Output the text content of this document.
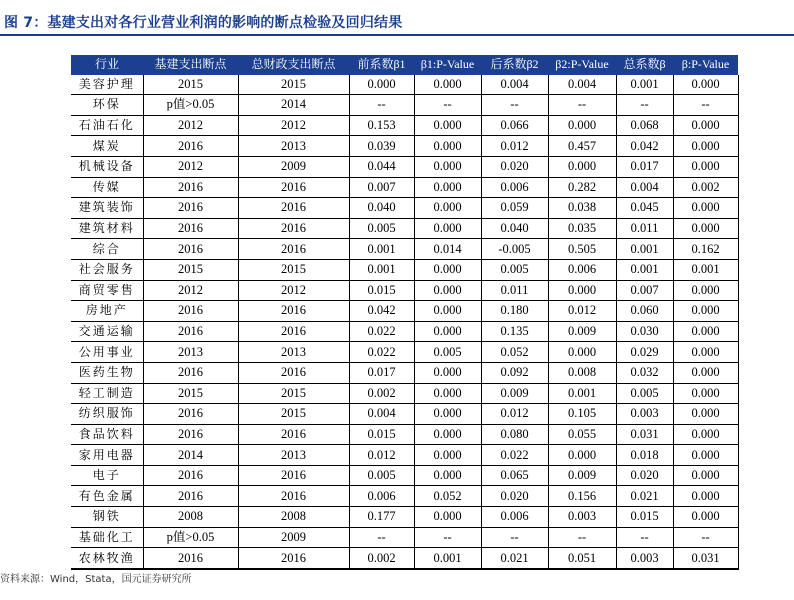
图 7：基建支出对各行业营业利润的影响的断点检验及回归结果
行业	基建支出断点	总财政支出断点	前系数β1	β1:P-Value	后系数β2	β2:P-Value	总系数β	β:P-Value
美容护理	2015	2015	0.000	0.000	0.004	0.004	0.001	0.000
环保	p值>0.05	2014	--	--	--	--	--	--
石油石化	2012	2012	0.153	0.000	0.066	0.000	0.068	0.000
煤炭	2016	2013	0.039	0.000	0.012	0.457	0.042	0.000
机械设备	2012	2009	0.044	0.000	0.020	0.000	0.017	0.000
传媒	2016	2016	0.007	0.000	0.006	0.282	0.004	0.002
建筑装饰	2016	2016	0.040	0.000	0.059	0.038	0.045	0.000
建筑材料	2016	2016	0.005	0.000	0.040	0.035	0.011	0.000
综合	2016	2016	0.001	0.014	-0.005	0.505	0.001	0.162
社会服务	2015	2015	0.001	0.000	0.005	0.006	0.001	0.001
商贸零售	2012	2012	0.015	0.000	0.011	0.000	0.007	0.000
房地产	2016	2016	0.042	0.000	0.180	0.012	0.060	0.000
交通运输	2016	2016	0.022	0.000	0.135	0.009	0.030	0.000
公用事业	2013	2013	0.022	0.005	0.052	0.000	0.029	0.000
医药生物	2016	2016	0.017	0.000	0.092	0.008	0.032	0.000
轻工制造	2015	2015	0.002	0.000	0.009	0.001	0.005	0.000
纺织服饰	2016	2015	0.004	0.000	0.012	0.105	0.003	0.000
食品饮料	2016	2016	0.015	0.000	0.080	0.055	0.031	0.000
家用电器	2014	2013	0.012	0.000	0.022	0.000	0.018	0.000
电子	2016	2016	0.005	0.000	0.065	0.009	0.020	0.000
有色金属	2016	2016	0.006	0.052	0.020	0.156	0.021	0.000
钢铁	2008	2008	0.177	0.000	0.006	0.003	0.015	0.000
基础化工	p值>0.05	2009	--	--	--	--	--	--
农林牧渔	2016	2016	0.002	0.001	0.021	0.051	0.003	0.031
资料来源：Wind，Stata，国元证券研究所
